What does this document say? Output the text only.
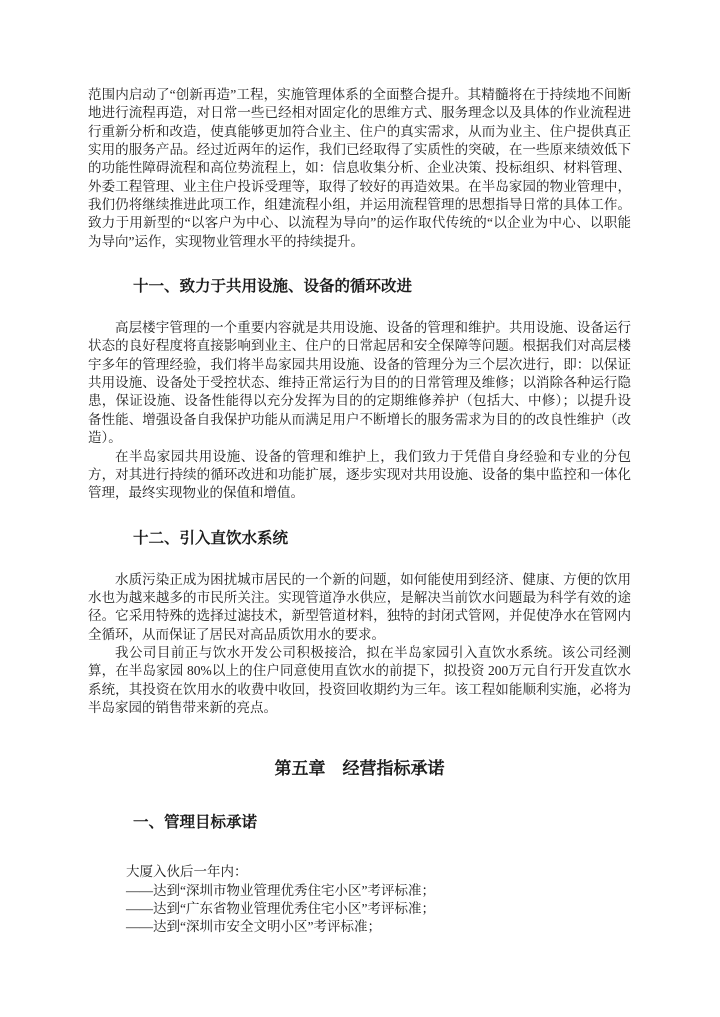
范围内启动了“创新再造”工程，实施管理体系的全面整合提升。其精髓将在于持续地不间断地进行流程再造，对日常一些已经相对固定化的思维方式、服务理念以及具体的作业流程进行重新分析和改造，使真能够更加符合业主、住户的真实需求，从而为业主、住户提供真正实用的服务产品。经过近两年的运作，我们已经取得了实质性的突破，在一些原来绩效低下的功能性障碍流程和高位势流程上，如：信息收集分析、企业决策、投标组织、材料管理、外委工程管理、业主住户投诉受理等，取得了较好的再造效果。在半岛家园的物业管理中，我们仍将继续推进此项工作，组建流程小组，并运用流程管理的思想指导日常的具体工作。致力于用新型的“以客户为中心、以流程为导向”的运作取代传统的“以企业为中心、以职能为导向”运作，实现物业管理水平的持续提升。

十一、致力于共用设施、设备的循环改进

高层楼宇管理的一个重要内容就是共用设施、设备的管理和维护。共用设施、设备运行状态的良好程度将直接影响到业主、住户的日常起居和安全保障等问题。根据我们对高层楼宇多年的管理经验，我们将半岛家园共用设施、设备的管理分为三个层次进行，即：以保证共用设施、设备处于受控状态、维持正常运行为目的的日常管理及维修；以消除各种运行隐患，保证设施、设备性能得以充分发挥为目的的定期维修养护（包括大、中修）；以提升设备性能、增强设备自我保护功能从而满足用户不断增长的服务需求为目的的改良性维护（改造）。

在半岛家园共用设施、设备的管理和维护上，我们致力于凭借自身经验和专业的分包方，对其进行持续的循环改进和功能扩展，逐步实现对共用设施、设备的集中监控和一体化管理，最终实现物业的保值和增值。

十二、引入直饮水系统

水质污染正成为困扰城市居民的一个新的问题，如何能使用到经济、健康、方便的饮用水也为越来越多的市民所关注。实现管道净水供应，是解决当前饮水问题最为科学有效的途径。它采用特殊的选择过滤技术，新型管道材料，独特的封闭式管网，并促使净水在管网内全循环，从而保证了居民对高品质饮用水的要求。

我公司目前正与饮水开发公司积极接洽，拟在半岛家园引入直饮水系统。该公司经测算，在半岛家园 80%以上的住户同意使用直饮水的前提下，拟投资 200万元自行开发直饮水系统，其投资在饮用水的收费中收回，投资回收期约为三年。该工程如能顺利实施，必将为半岛家园的销售带来新的亮点。

第五章　经营指标承诺
一、管理目标承诺

大厦入伙后一年内：

——达到“深圳市物业管理优秀住宅小区”考评标准；

——达到“广东省物业管理优秀住宅小区”考评标准；

——达到“深圳市安全文明小区”考评标准；
